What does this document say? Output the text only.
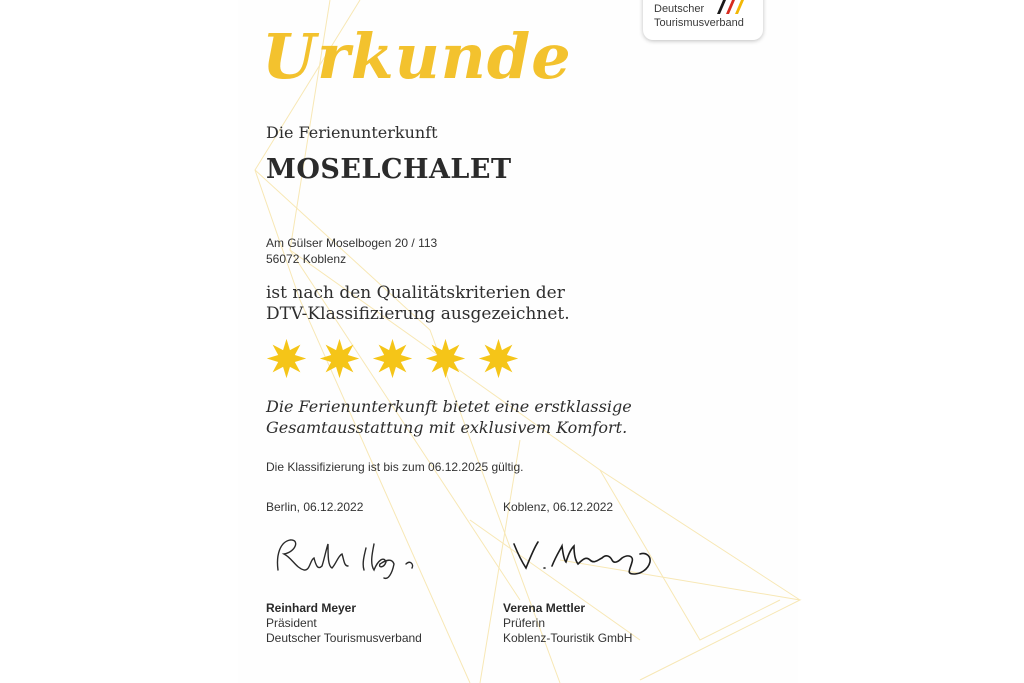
Deutscher
Tourismusverband
Urkunde
Die Ferienunterkunft
MOSELCHALET
Am Gülser Moselbogen 20 / 113
56072 Koblenz
ist nach den Qualitätskriterien der
DTV-Klassifizierung ausgezeichnet.
Die Ferienunterkunft bietet eine erstklassige
Gesamtausstattung mit exklusivem Komfort.
Die Klassifizierung ist bis zum 06.12.2025 gültig.
Berlin, 06.12.2022	Koblenz, 06.12.2022
Reinhard Meyer
Präsident
Deutscher Tourismusverband
Verena Mettler
Prüferin
Koblenz-Touristik GmbH
